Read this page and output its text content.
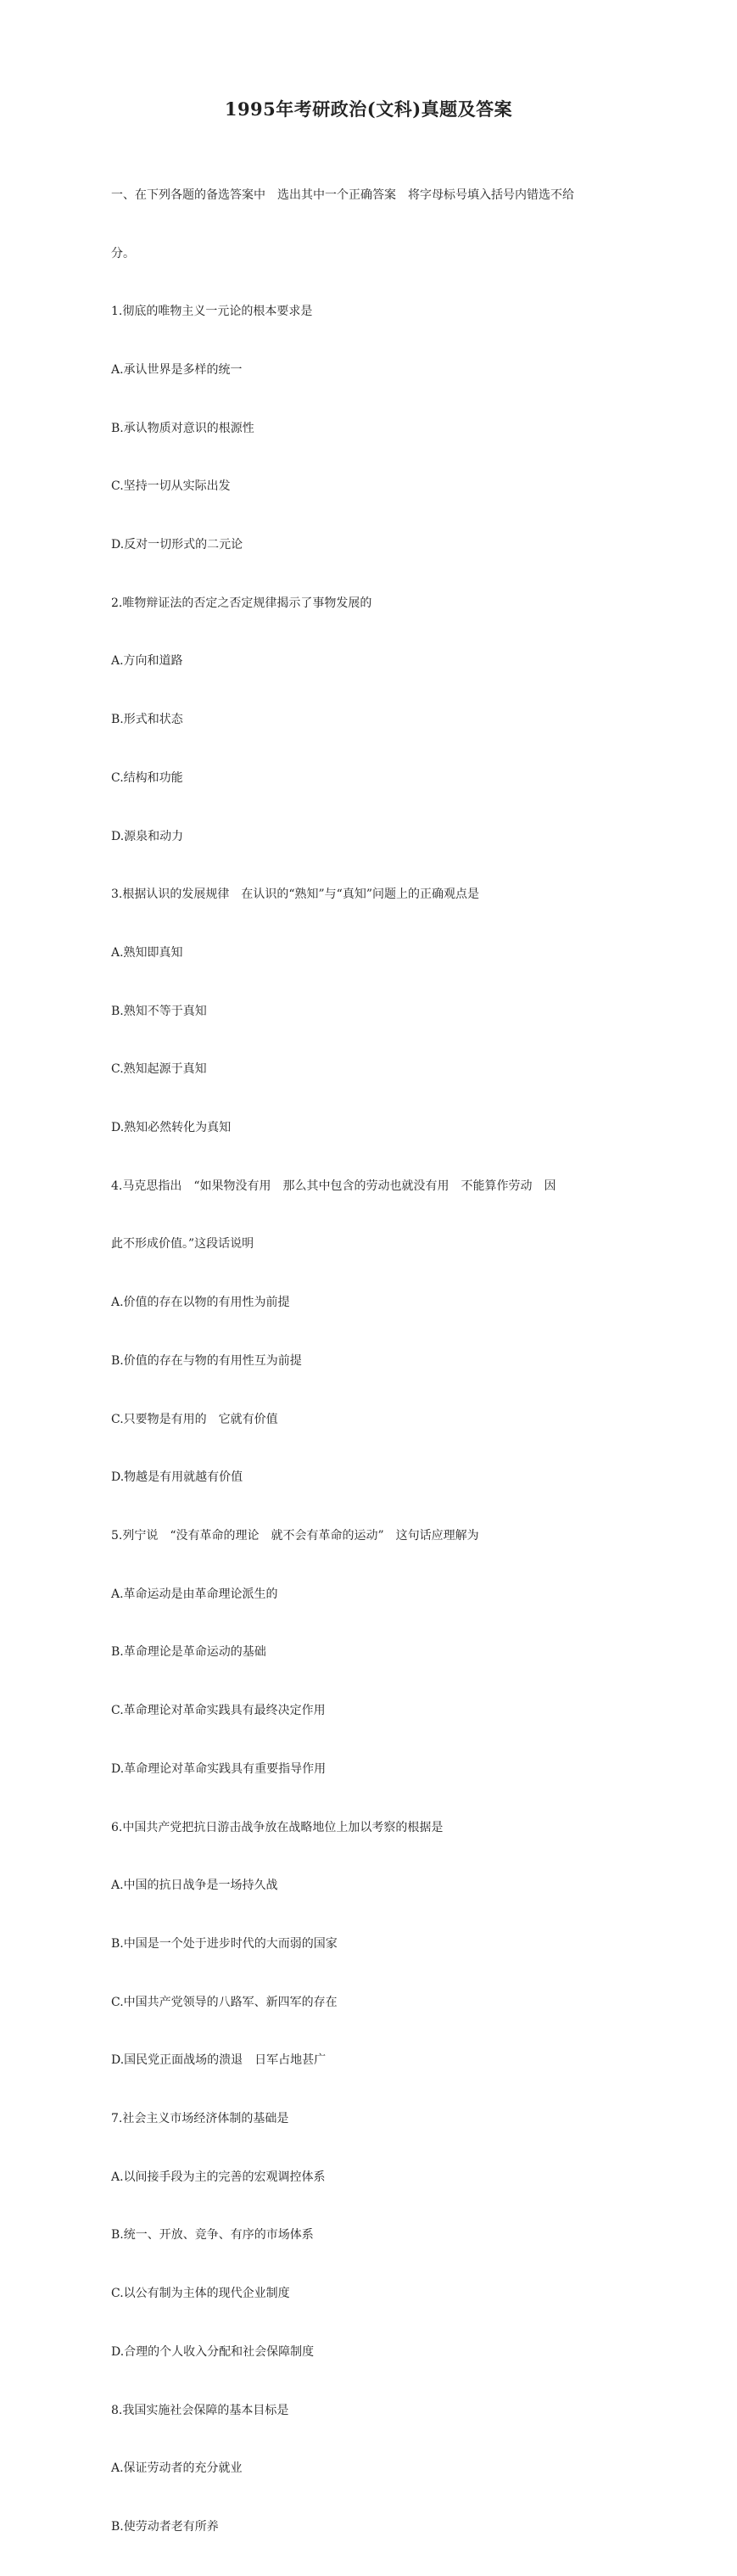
1995年考研政治(文科)真题及答案

一、在下列各题的备选答案中　选出其中一个正确答案　将字母标号填入括号内错选不给

分。

1.彻底的唯物主义一元论的根本要求是

A.承认世界是多样的统一

B.承认物质对意识的根源性

C.坚持一切从实际出发

D.反对一切形式的二元论

2.唯物辩证法的否定之否定规律揭示了事物发展的

A.方向和道路

B.形式和状态

C.结构和功能

D.源泉和动力

3.根据认识的发展规律　在认识的“熟知”与“真知”问题上的正确观点是

A.熟知即真知

B.熟知不等于真知

C.熟知起源于真知

D.熟知必然转化为真知

4.马克思指出　“如果物没有用　那么其中包含的劳动也就没有用　不能算作劳动　因

此不形成价值。”这段话说明

A.价值的存在以物的有用性为前提

B.价值的存在与物的有用性互为前提

C.只要物是有用的　它就有价值

D.物越是有用就越有价值

5.列宁说　“没有革命的理论　就不会有革命的运动”　这句话应理解为

A.革命运动是由革命理论派生的

B.革命理论是革命运动的基础

C.革命理论对革命实践具有最终决定作用

D.革命理论对革命实践具有重要指导作用

6.中国共产党把抗日游击战争放在战略地位上加以考察的根据是

A.中国的抗日战争是一场持久战

B.中国是一个处于进步时代的大而弱的国家

C.中国共产党领导的八路军、新四军的存在

D.国民党正面战场的溃退　日军占地甚广

7.社会主义市场经济体制的基础是

A.以间接手段为主的完善的宏观调控体系

B.统一、开放、竞争、有序的市场体系

C.以公有制为主体的现代企业制度

D.合理的个人收入分配和社会保障制度

8.我国实施社会保障的基本目标是

A.保证劳动者的充分就业

B.使劳动者老有所养
